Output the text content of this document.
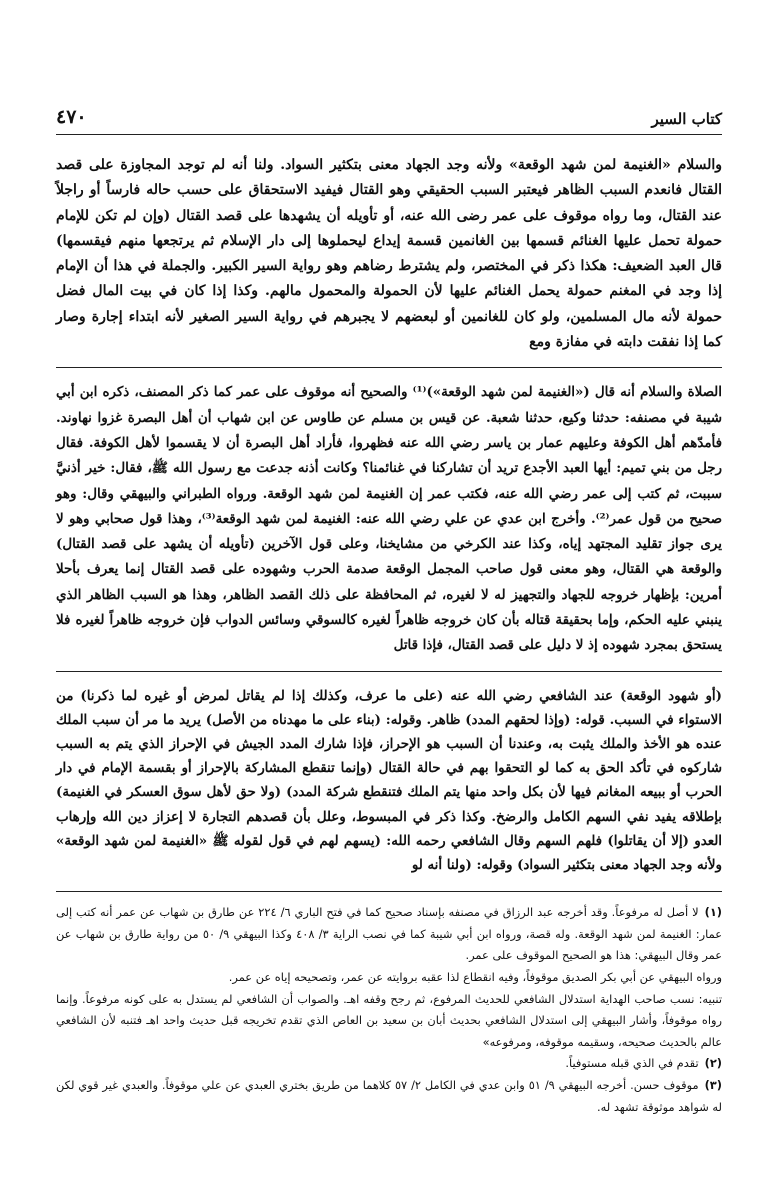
كتاب السير
٤٧٠

والسلام «الغنيمة لمن شهد الوقعة» ولأنه وجد الجهاد معنى بتكثير السواد. ولنا أنه لم توجد المجاوزة على قصد القتال فانعدم السبب الظاهر فيعتبر السبب الحقيقي وهو القتال فيفيد الاستحقاق على حسب حاله فارساً أو راجلاً عند القتال، وما رواه موقوف على عمر رضى الله عنه، أو تأويله أن يشهدها على قصد القتال (وإن لم تكن للإمام حمولة تحمل عليها الغنائم قسمها بين الغانمين قسمة إيداع ليحملوها إلى دار الإسلام ثم يرتجعها منهم فيقسمها) قال العبد الضعيف: هكذا ذكر في المختصر، ولم يشترط رضاهم وهو رواية السير الكبير. والجملة في هذا أن الإمام إذا وجد في المغنم حمولة يحمل الغنائم عليها لأن الحمولة والمحمول مالهم. وكذا إذا كان في بيت المال فضل حمولة لأنه مال المسلمين، ولو كان للغانمين أو لبعضهم لا يجبرهم في رواية السير الصغير لأنه ابتداء إجارة وصار كما إذا نفقت دابته في مفازة ومع

الصلاة والسلام أنه قال («الغنيمة لمن شهد الوقعة»)⁽¹⁾ والصحيح أنه موقوف على عمر كما ذكر المصنف، ذكره ابن أبي شيبة في مصنفه: حدثنا وكيع، حدثنا شعبة. عن قيس بن مسلم عن طاوس عن ابن شهاب أن أهل البصرة غزوا نهاوند. فأمدّهم أهل الكوفة وعليهم عمار بن ياسر رضي الله عنه فظهروا، فأراد أهل البصرة أن لا يقسموا لأهل الكوفة. فقال رجل من بني تميم: أيها العبد الأجدع تريد أن تشاركنا في غنائمنا؟ وكانت أذنه جدعت مع رسول الله ﷺ، فقال: خير أذنيَّ سببت، ثم كتب إلى عمر رضي الله عنه، فكتب عمر إن الغنيمة لمن شهد الوقعة. ورواه الطبراني والبيهقي وقال: وهو صحيح من قول عمر⁽²⁾. وأخرج ابن عدي عن علي رضي الله عنه: الغنيمة لمن شهد الوقعة⁽³⁾، وهذا قول صحابي وهو لا يرى جواز تقليد المجتهد إياه، وكذا عند الكرخي من مشايخنا، وعلى قول الآخرين (تأويله أن يشهد على قصد القتال) والوقعة هي القتال، وهو معنى قول صاحب المجمل الوقعة صدمة الحرب وشهوده على قصد القتال إنما يعرف بأحلا أمرين: بإظهار خروجه للجهاد والتجهيز له لا لغيره، ثم المحافظة على ذلك القصد الظاهر، وهذا هو السبب الظاهر الذي ينبني عليه الحكم، وإما بحقيقة قتاله بأن كان خروجه ظاهراً لغيره كالسوقي وسائس الدواب فإن خروجه ظاهراً لغيره فلا يستحق بمجرد شهوده إذ لا دليل على قصد القتال، فإذا قاتل

(أو شهود الوقعة) عند الشافعي رضي الله عنه (على ما عرف، وكذلك إذا لم يقاتل لمرض أو غيره لما ذكرنا) من الاستواء في السبب. قوله: (وإذا لحقهم المدد) ظاهر. وقوله: (بناء على ما مهدناه من الأصل) يريد ما مر أن سبب الملك عنده هو الأخذ والملك يثبت به، وعندنا أن السبب هو الإحراز، فإذا شارك المدد الجيش في الإحراز الذي يتم به السبب شاركوه في تأكد الحق به كما لو التحقوا بهم في حالة القتال (وإنما تنقطع المشاركة بالإحراز أو بقسمة الإمام في دار الحرب أو ببيعه المغانم فيها لأن بكل واحد منها يتم الملك فتنقطع شركة المدد) (ولا حق لأهل سوق العسكر في الغنيمة) بإطلاقه يفيد نفي السهم الكامل والرضخ. وكذا ذكر في المبسوط، وعلل بأن قصدهم التجارة لا إعزاز دين الله وإرهاب العدو (إلا أن يقاتلوا) فلهم السهم وقال الشافعي رحمه الله: (يسهم لهم في قول لقوله ﷺ «الغنيمة لمن شهد الوقعة» ولأنه وجد الجهاد معنى بتكثير السواد) وقوله: (ولنا أنه لو

(١)لا أصل له مرفوعاً. وقد أخرجه عبد الرزاق في مصنفه بإسناد صحيح كما في فتح الباري ٦/ ٢٢٤ عن طارق بن شهاب عن عمر أنه كتب إلى عمار: الغنيمة لمن شهد الوقعة. وله قصة، ورواه ابن أبي شيبة كما في نصب الراية ٣/ ٤٠٨ وكذا البيهقي ٩/ ٥٠ من رواية طارق بن شهاب عن عمر وقال البيهقي: هذا هو الصحيح الموقوف على عمر.

ورواه البيهقي عن أبي بكر الصديق موقوفاً، وفيه انقطاع لذا عقبه بروايته عن عمر، وتصحيحه إياه عن عمر.

تنبيه: نسب صاحب الهداية استدلال الشافعي للحديث المرفوع، ثم رجح وقفه اهـ. والصواب أن الشافعي لم يستدل به على كونه مرفوعاً. وإنما رواه موقوفاً، وأشار البيهقي إلى استدلال الشافعي بحديث أبان بن سعيد بن العاص الذي تقدم تخريجه قبل حديث واحد اهـ فتنبه لأن الشافعي عالم بالحديث صحيحه، وسقيمه موقوفه، ومرفوعه»

(٢)تقدم في الذي قبله مستوفياً.

(٣)موقوف حسن. أخرجه البيهقي ٩/ ٥١ وابن عدي في الكامل ٢/ ٥٧ كلاهما من طريق بختري العبدي عن علي موقوفاً. والعبدي غير قوي لكن له شواهد موثوقة تشهد له.
